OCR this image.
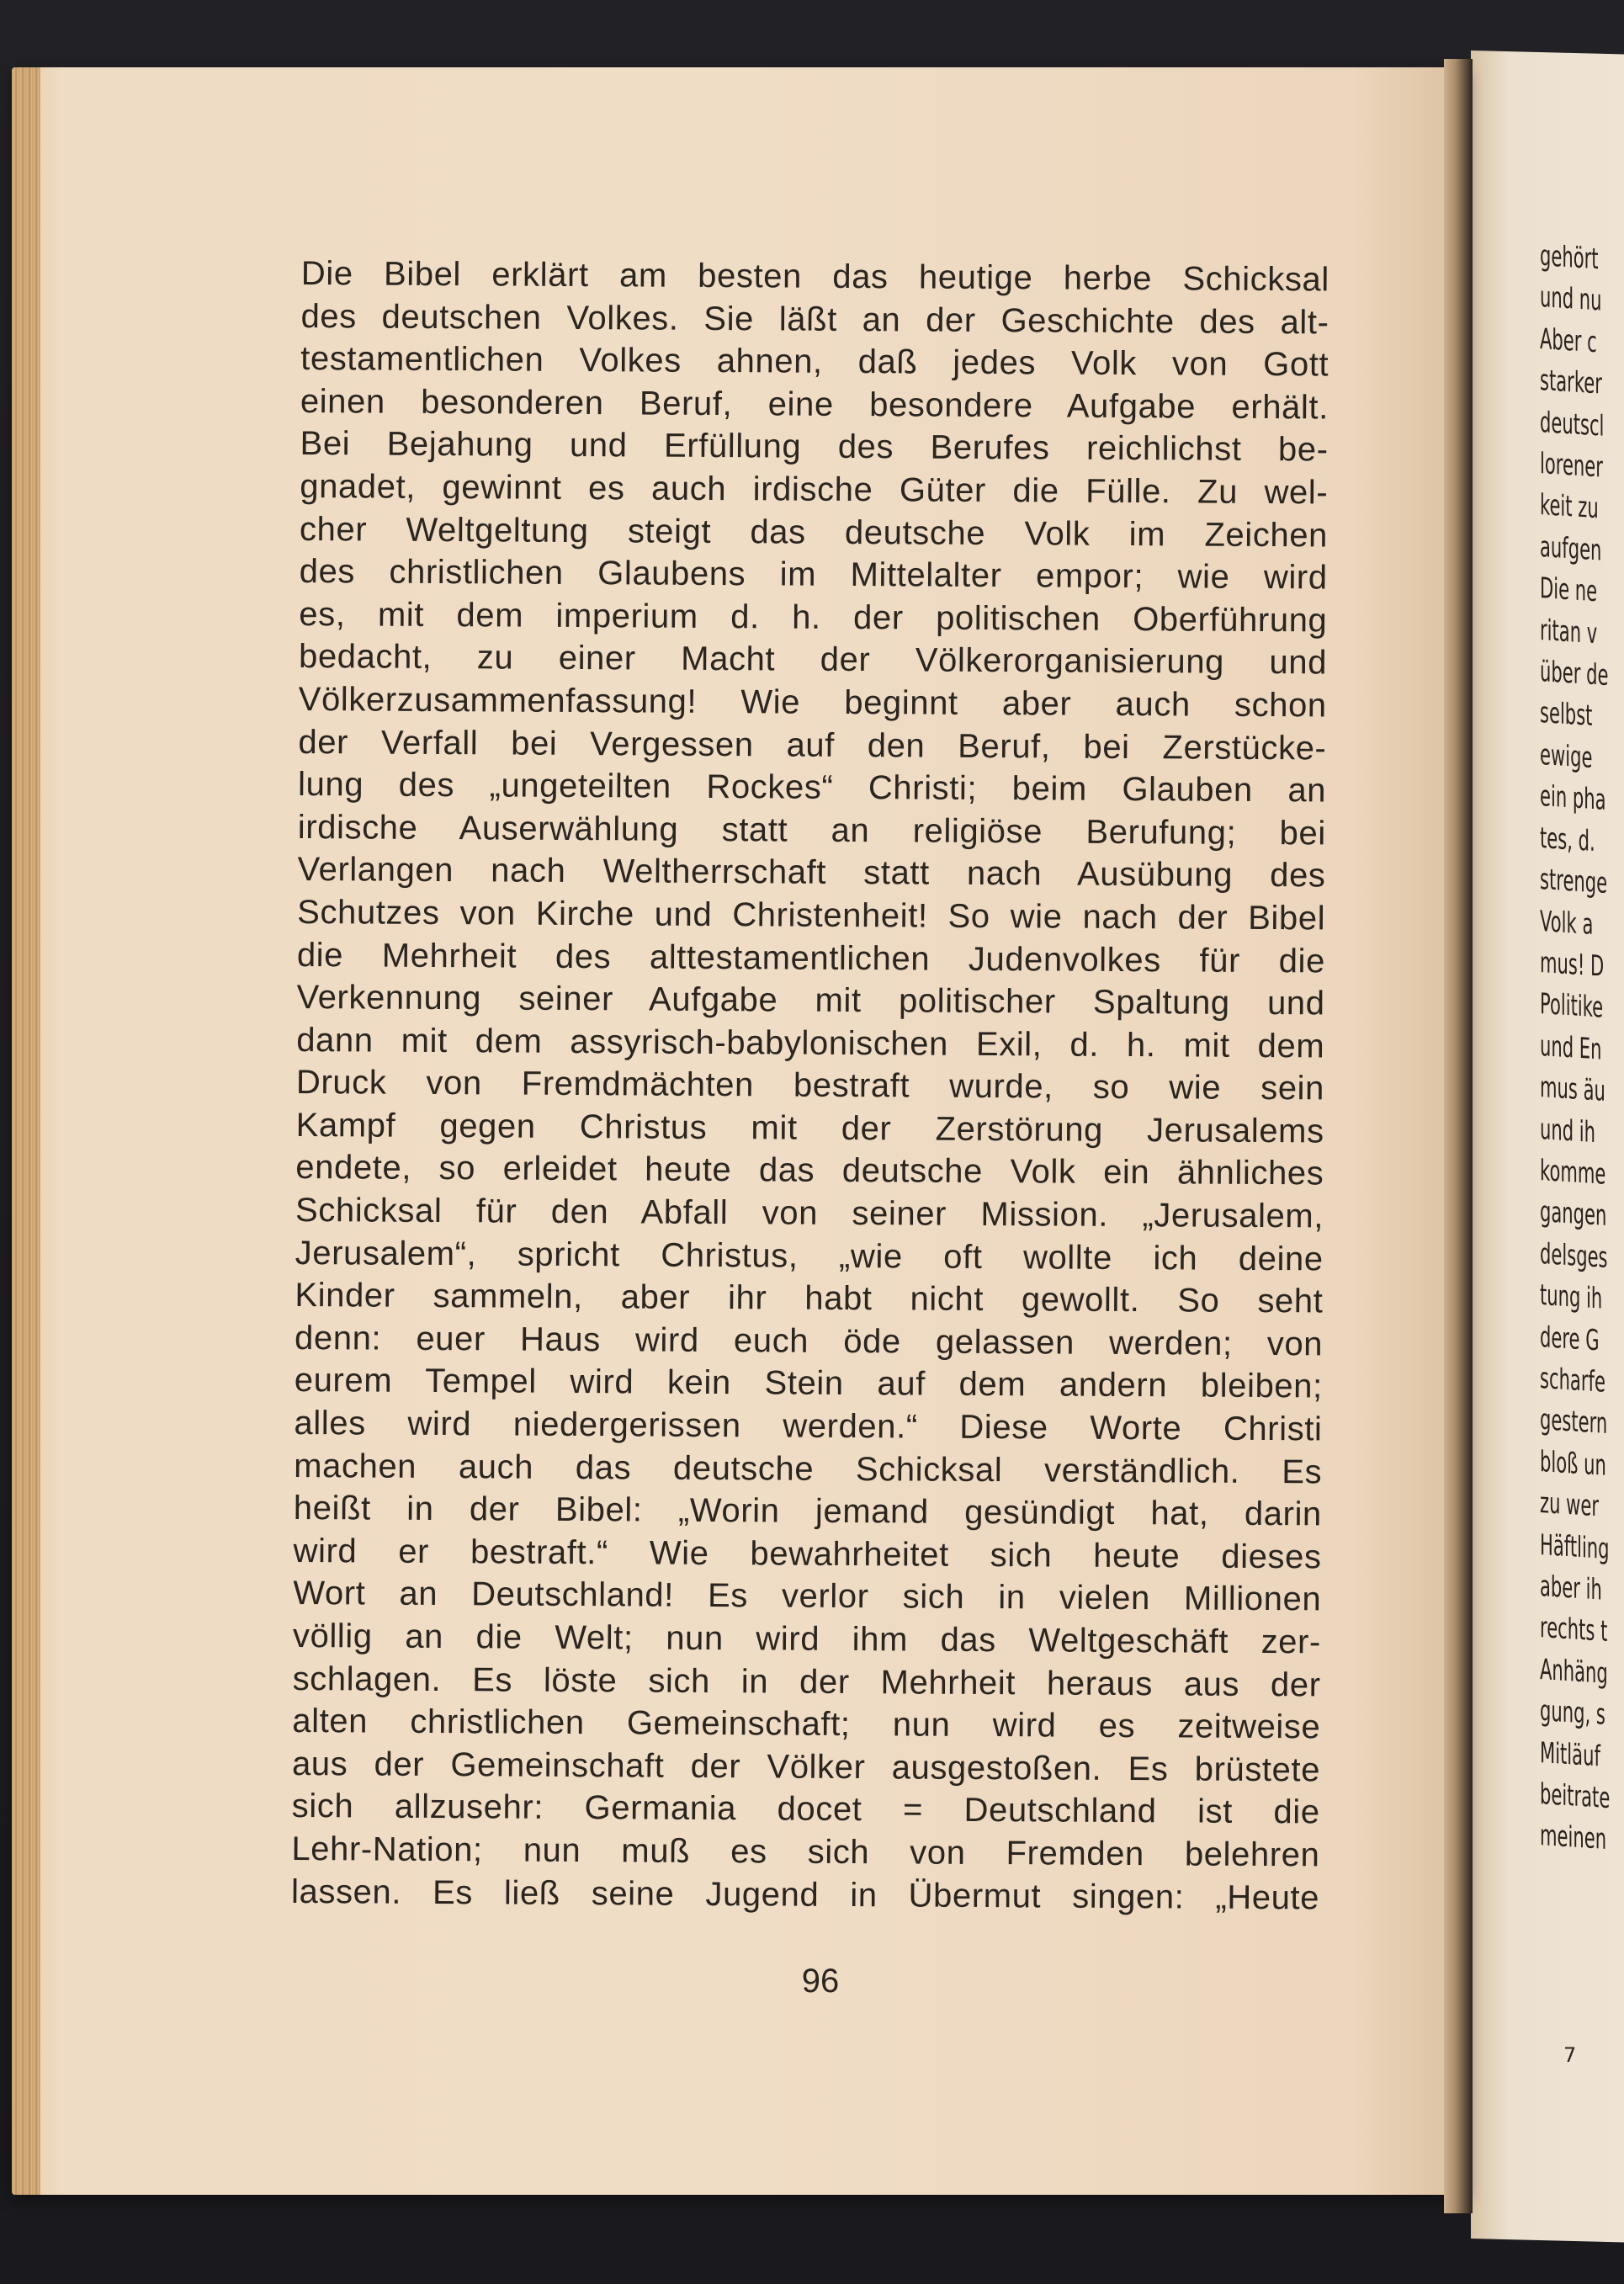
gehört
und nu
Aber c
starker
deutscl
lorener
keit zu
aufgen
Die ne
ritan v
über de
selbst
ewige
ein pha
tes, d.
strenge
Volk a
mus! D
Politike
und En
mus äu
und ih
komme
gangen
delsges
tung ih
dere G
scharfe
gestern
bloß un
zu wer
Häftling
aber ih
rechts t
Anhäng
gung, s
Mitläuf
beitrate
meinen
7
Die Bibel erklärt am besten das heutige herbe Schicksal
des deutschen Volkes. Sie läßt an der Geschichte des alt-
testamentlichen Volkes ahnen, daß jedes Volk von Gott
einen besonderen Beruf, eine besondere Aufgabe erhält.
Bei Bejahung und Erfüllung des Berufes reichlichst be-
gnadet, gewinnt es auch irdische Güter die Fülle. Zu wel-
cher Weltgeltung steigt das deutsche Volk im Zeichen
des christlichen Glaubens im Mittelalter empor; wie wird
es, mit dem imperium d. h. der politischen Oberführung
bedacht, zu einer Macht der Völkerorganisierung und
Völkerzusammenfassung! Wie beginnt aber auch schon
der Verfall bei Vergessen auf den Beruf, bei Zerstücke-
lung des „ungeteilten Rockes“ Christi; beim Glauben an
irdische Auserwählung statt an religiöse Berufung; bei
Verlangen nach Weltherrschaft statt nach Ausübung des
Schutzes von Kirche und Christenheit! So wie nach der Bibel
die Mehrheit des alttestamentlichen Judenvolkes für die
Verkennung seiner Aufgabe mit politischer Spaltung und
dann mit dem assyrisch-babylonischen Exil, d. h. mit dem
Druck von Fremdmächten bestraft wurde, so wie sein
Kampf gegen Christus mit der Zerstörung Jerusalems
endete, so erleidet heute das deutsche Volk ein ähnliches
Schicksal für den Abfall von seiner Mission. „Jerusalem,
Jerusalem“, spricht Christus, „wie oft wollte ich deine
Kinder sammeln, aber ihr habt nicht gewollt. So seht
denn: euer Haus wird euch öde gelassen werden; von
eurem Tempel wird kein Stein auf dem andern bleiben;
alles wird niedergerissen werden.“ Diese Worte Christi
machen auch das deutsche Schicksal verständlich. Es
heißt in der Bibel: „Worin jemand gesündigt hat, darin
wird er bestraft.“ Wie bewahrheitet sich heute dieses
Wort an Deutschland! Es verlor sich in vielen Millionen
völlig an die Welt; nun wird ihm das Weltgeschäft zer-
schlagen. Es löste sich in der Mehrheit heraus aus der
alten christlichen Gemeinschaft; nun wird es zeitweise
aus der Gemeinschaft der Völker ausgestoßen. Es brüstete
sich allzusehr: Germania docet = Deutschland ist die
Lehr-Nation; nun muß es sich von Fremden belehren
lassen. Es ließ seine Jugend in Übermut singen: „Heute
96
